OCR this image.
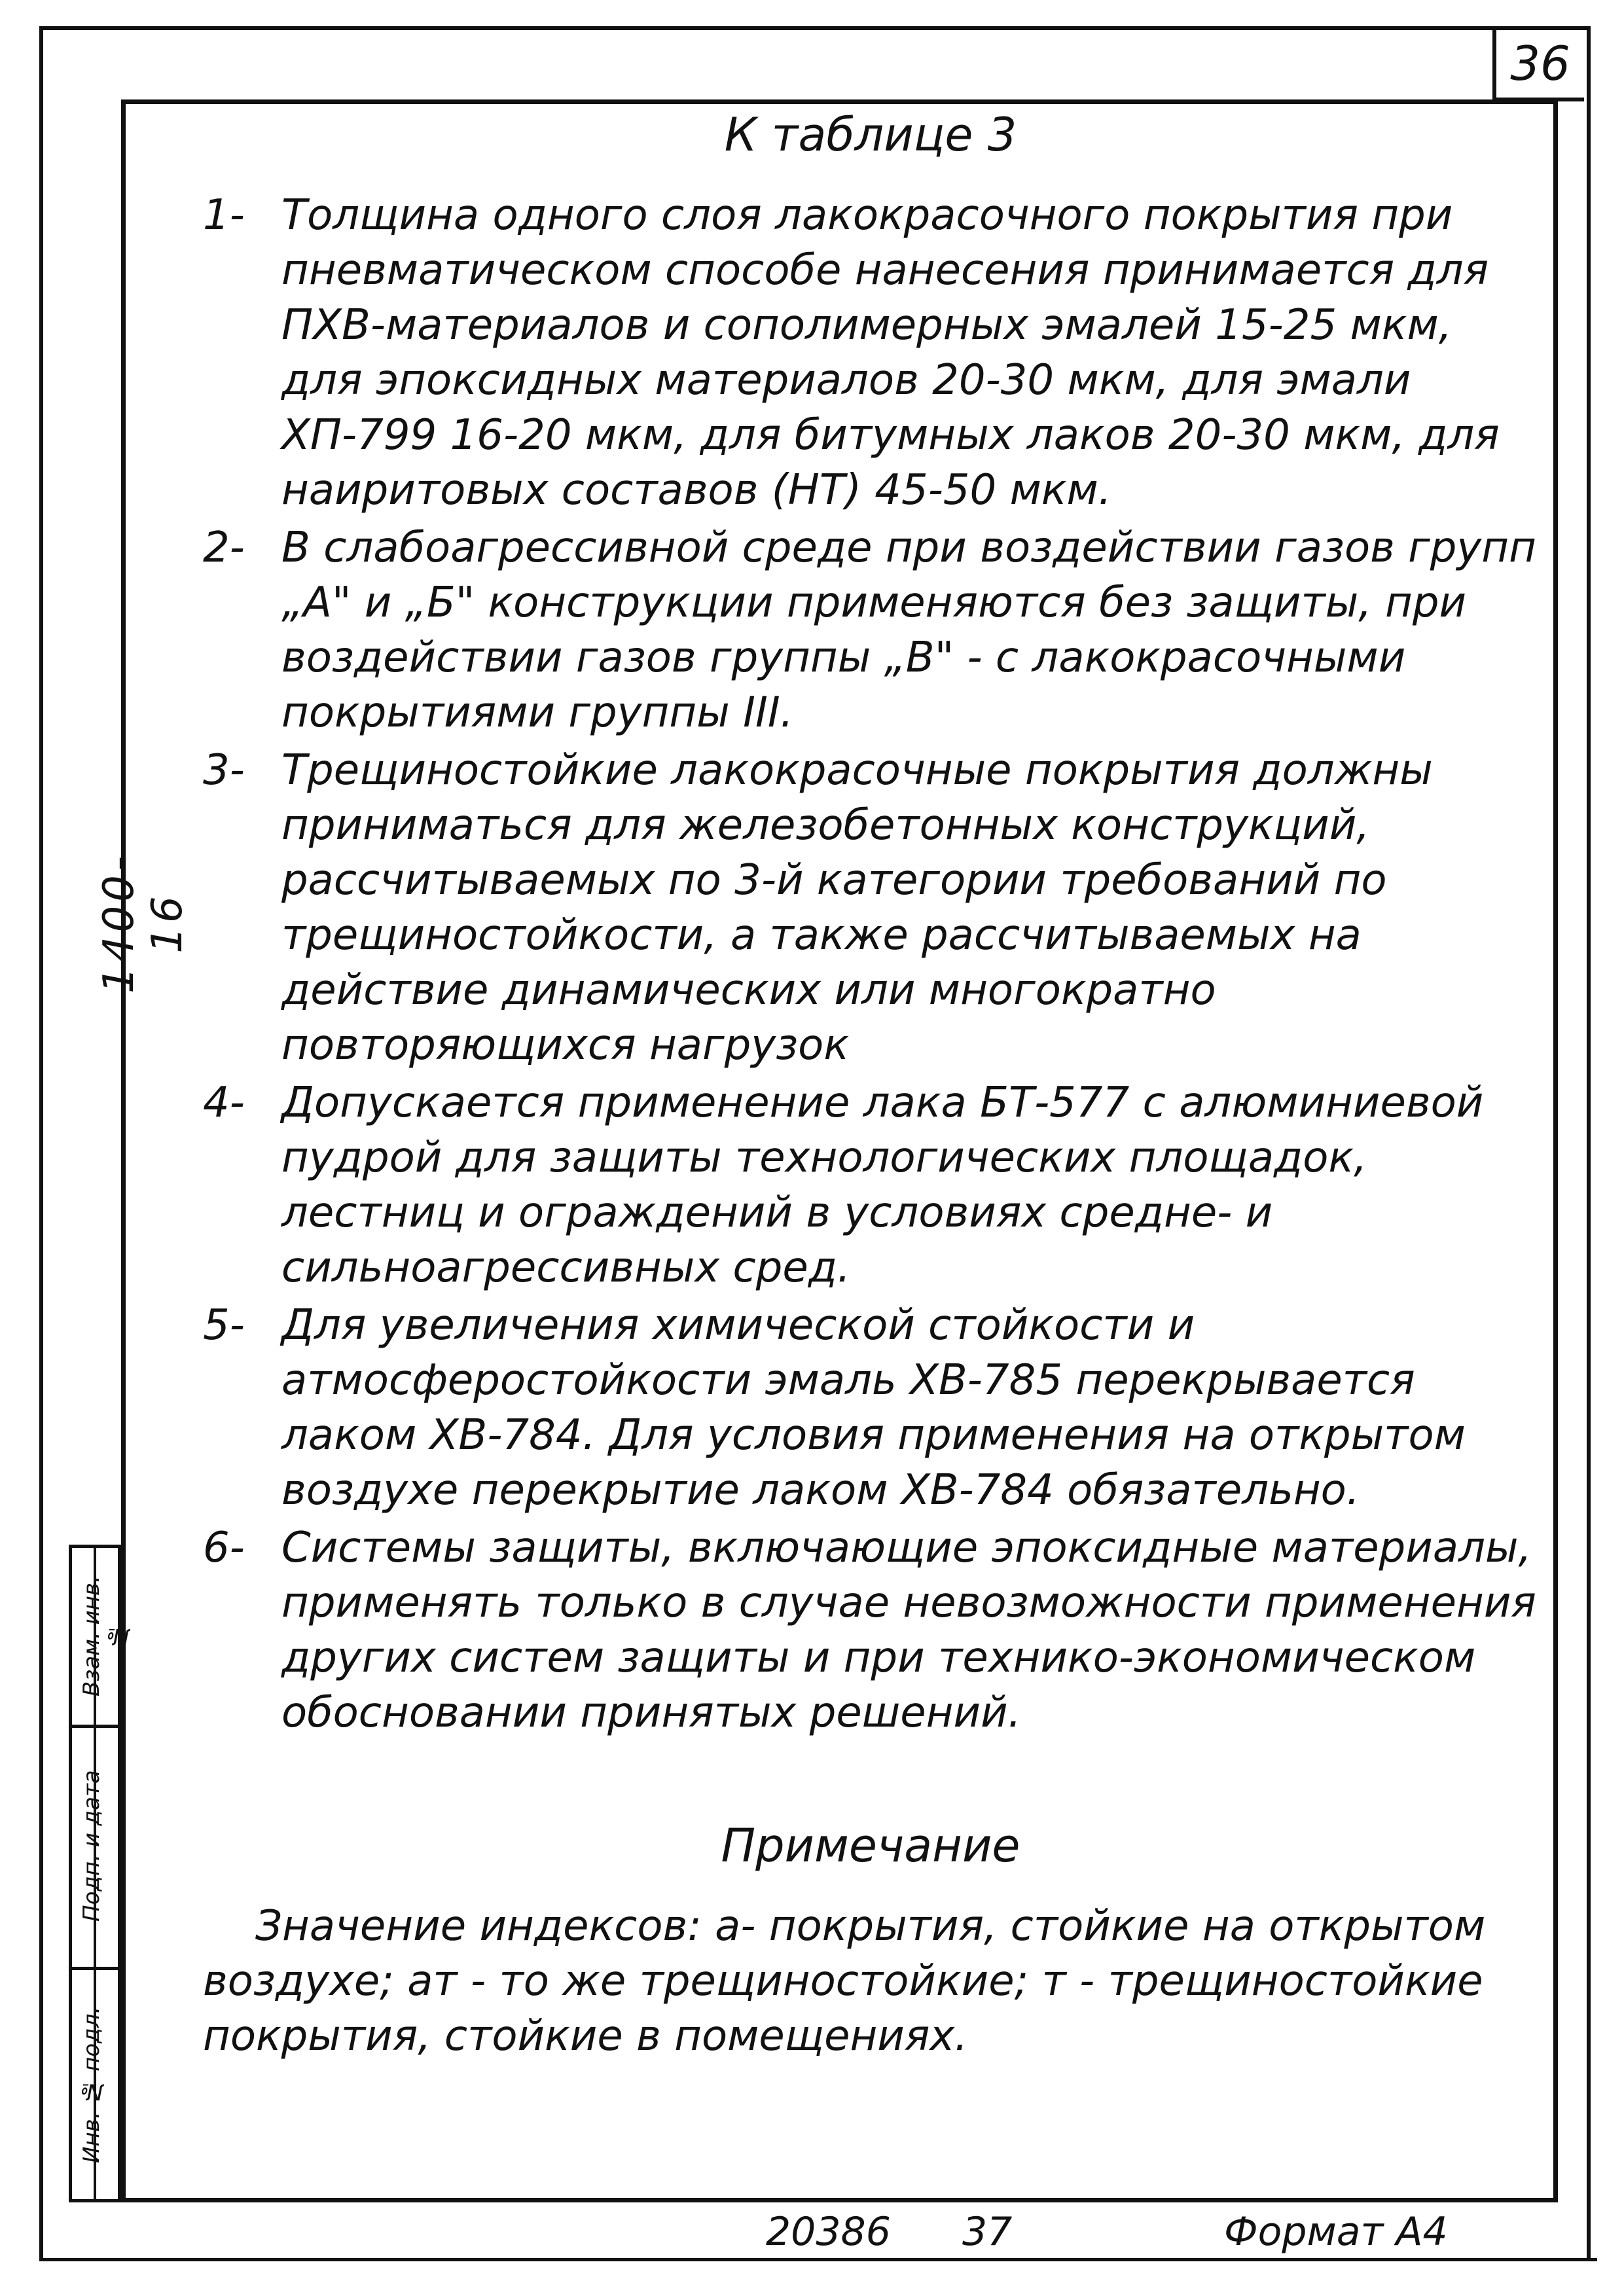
36
1400-16
Взам. инв. №
Подп. и дата
Инв. № подл.
К таблице 3
1- Толщина одного слоя лакокрасочного покрытия при пневматическом способе нанесения принимается для ПХВ-материалов и сополимерных эмалей 15-25 мкм, для эпоксидных материалов 20-30 мкм, для эмали ХП-799 16-20 мкм, для битумных лаков 20-30 мкм, для наиритовых составов (НТ) 45-50 мкм.
2- В слабоагрессивной среде при воздействии газов групп „А" и „Б" конструкции применяются без защиты, при воздействии газов группы „В" - с лакокрасочными покрытиями группы III.
3- Трещиностойкие лакокрасочные покрытия должны приниматься для железобетонных конструкций, рассчитываемых по 3-й категории требований по трещиностойкости, а также рассчитываемых на действие динамических или многократно повторяющихся нагрузок
4- Допускается применение лака БТ-577 с алюминиевой пудрой для защиты технологических площадок, лестниц и ограждений в условиях средне- и сильноагрессивных сред.
5- Для увеличения химической стойкости и атмосферостойкости эмаль ХВ-785 перекрывается лаком ХВ-784. Для условия применения на открытом воздухе перекрытие лаком ХВ-784 обязательно.
6- Системы защиты, включающие эпоксидные материалы, применять только в случае невозможности применения других систем защиты и при технико-экономическом обосновании принятых решений.
Примечание
Значение индексов: а- покрытия, стойкие на открытом воздухе; ат - то же трещиностойкие; т - трещиностойкие покрытия, стойкие в помещениях.
20386 37	Формат А4
